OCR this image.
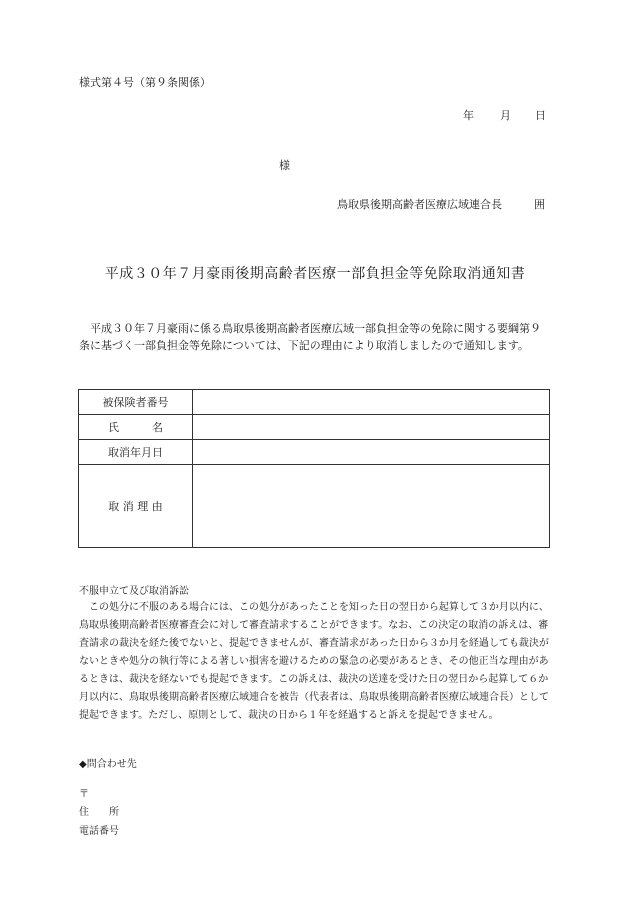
様式第４号（第９条関係）
年 月 日
様
鳥取県後期高齢者医療広域連合長	囲
平成３０年７月豪雨後期高齢者医療一部負担金等免除取消通知書
平成３０年７月豪雨に係る鳥取県後期高齢者医療広域一部負担金等の免除に関する要綱第９条に基づく一部負担金等免除については、下記の理由により取消しましたので通知します。
被保険者番号	
氏　　　名	
取消年月日	
取 消 理 由	
不服申立て及び取消訴訟
この処分に不服のある場合には、この処分があったことを知った日の翌日から起算して３か月以内に、鳥取県後期高齢者医療審査会に対して審査請求することができます。なお、この決定の取消の訴えは、審査請求の裁決を経た後でないと、提起できませんが、審査請求があった日から３か月を経過しても裁決がないときや処分の執行等による著しい損害を避けるための緊急の必要があるとき、その他正当な理由があるときは、裁決を経ないでも提起できます。この訴えは、裁決の送達を受けた日の翌日から起算して６か月以内に、鳥取県後期高齢者医療広域連合を被告（代表者は、鳥取県後期高齢者医療広域連合長）として提起できます。ただし、原則として、裁決の日から１年を経過すると訴えを提起できません。
◆問合わせ先
〒
住　　所
電話番号
